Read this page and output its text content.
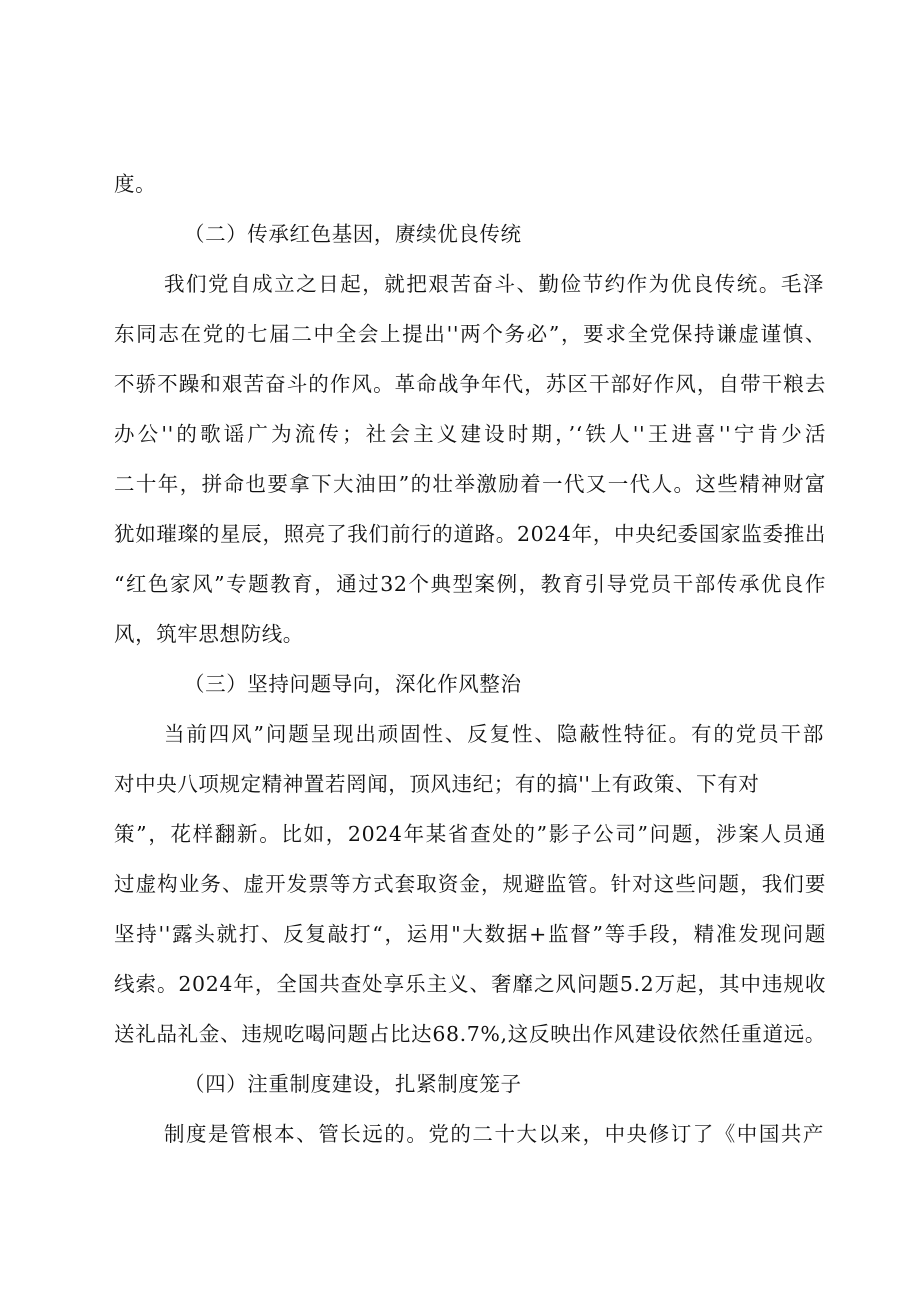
度。
（二）传承红色基因，赓续优良传统
我们党自成立之日起，就把艰苦奋斗、勤俭节约作为优良传统。毛泽
东同志在党的七届二中全会上提出''两个务必”，要求全党保持谦虚谨慎、
不骄不躁和艰苦奋斗的作风。革命战争年代，苏区干部好作风，自带干粮去
办公''的歌谣广为流传；社会主义建设时期，’‘铁人''王进喜''宁肯少活
二十年，拼命也要拿下大油田”的壮举激励着一代又一代人。这些精神财富
犹如璀璨的星辰，照亮了我们前行的道路。2024年，中央纪委国家监委推出
“红色家风”专题教育，通过32个典型案例，教育引导党员干部传承优良作
风，筑牢思想防线。
（三）坚持问题导向，深化作风整治
当前四风”问题呈现出顽固性、反复性、隐蔽性特征。有的党员干部
对中央八项规定精神置若罔闻，顶风违纪；有的搞''上有政策、下有对
策”，花样翻新。比如，2024年某省查处的”影子公司”问题，涉案人员通
过虚构业务、虚开发票等方式套取资金，规避监管。针对这些问题，我们要
坚持''露头就打、反复敲打“，运用"大数据+监督”等手段，精准发现问题
线索。2024年，全国共查处享乐主义、奢靡之风问题5.2万起，其中违规收
送礼品礼金、违规吃喝问题占比达68.7%,这反映出作风建设依然任重道远。
（四）注重制度建设，扎紧制度笼子
制度是管根本、管长远的。党的二十大以来，中央修订了《中国共产
